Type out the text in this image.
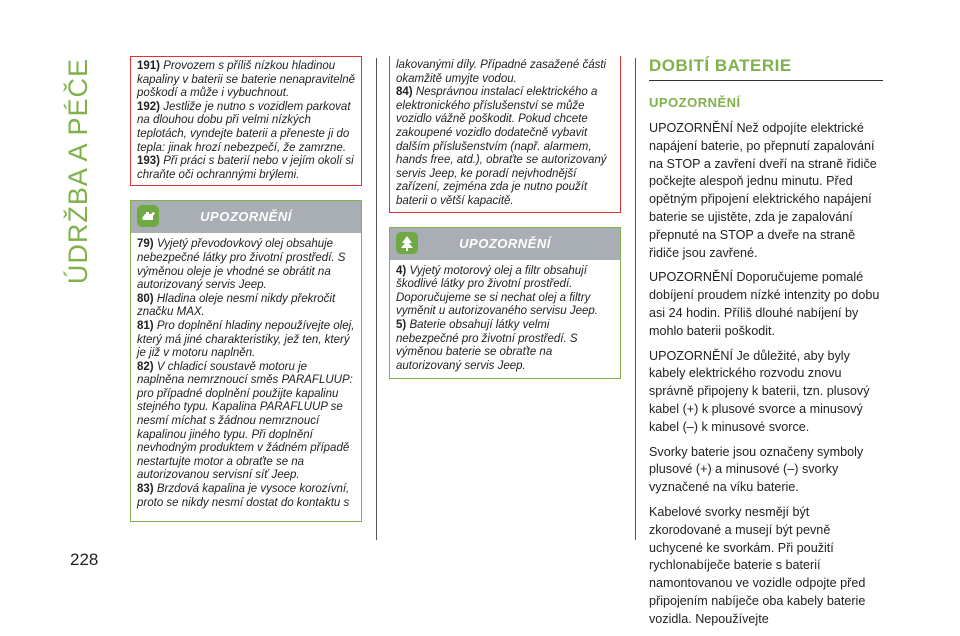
ÚDRŽBA A PÉČE
228

191) Provozem s příliš nízkou hladinou kapaliny v baterii se baterie nenapravitelně poškodí a může i vybuchnout.

192) Jestliže je nutno s vozidlem parkovat na dlouhou dobu při velmi nízkých teplotách, vyndejte baterii a přeneste ji do tepla: jinak hrozí nebezpečí, že zamrzne.

193) Při práci s baterií nebo v jejím okolí si chraňte oči ochrannými brýlemi.

UPOZORNĚNÍ

79) Vyjetý převodovkový olej obsahuje nebezpečné látky pro životní prostředí. S výměnou oleje je vhodné se obrátit na autorizovaný servis Jeep.

80) Hladina oleje nesmí nikdy překročit značku MAX.

81) Pro doplnění hladiny nepoužívejte olej, který má jiné charakteristiky, jež ten, který je již v motoru naplněn.

82) V chladicí soustavě motoru je naplněna nemrznoucí směs PARAFLUUP: pro případné doplnění použijte kapalinu stejného typu. Kapalina PARAFLUUP se nesmí míchat s žádnou nemrznoucí kapalinou jiného typu. Při doplnění nevhodným produktem v žádném případě nestartujte motor a obraťte se na autorizovanou servisní síť Jeep.

83) Brzdová kapalina je vysoce korozívní, proto se nikdy nesmí dostat do kontaktu s

lakovanými díly. Případné zasažené části okamžitě umyjte vodou.

84) Nesprávnou instalací elektrického a elektronického příslušenství se může vozidlo vážně poškodit. Pokud chcete zakoupené vozidlo dodatečně vybavit dalším příslušenstvím (např. alarmem, hands free, atd.), obraťte se autorizovaný servis Jeep, ke poradí nejvhodnější zařízení, zejména zda je nutno použít baterii o větší kapacitě.

UPOZORNĚNÍ

4) Vyjetý motorový olej a filtr obsahují škodlivé látky pro životní prostředí. Doporučujeme se si nechat olej a filtry vyměnit u autorizovaného servisu Jeep.

5) Baterie obsahují látky velmi nebezpečné pro životní prostředí. S výměnou baterie se obraťte na autorizovaný servis Jeep.

DOBITÍ BATERIE
UPOZORNĚNÍ

UPOZORNĚNÍ Než odpojíte elektrické napájení baterie, po přepnutí zapalování na STOP a zavření dveří na straně řidiče počkejte alespoň jednu minutu. Před opětným připojení elektrického napájení baterie se ujistěte, zda je zapalování přepnuté na STOP a dveře na straně řidiče jsou zavřené.

UPOZORNĚNÍ Doporučujeme pomalé dobíjení proudem nízké intenzity po dobu asi 24 hodin. Příliš dlouhé nabíjení by mohlo baterii poškodit.

UPOZORNĚNÍ Je důležité, aby byly kabely elektrického rozvodu znovu správně připojeny k baterii, tzn. plusový kabel (+) k plusové svorce a minusový kabel (–) k minusové svorce.

Svorky baterie jsou označeny symboly plusové (+) a minusové (–) svorky vyznačené na víku baterie.

Kabelové svorky nesmějí být zkorodované a musejí být pevně uchycené ke svorkám. Při použití rychlonabíječe baterie s baterií namontovanou ve vozidle odpojte před připojením nabíječe oba kabely baterie vozidla. Nepoužívejte
